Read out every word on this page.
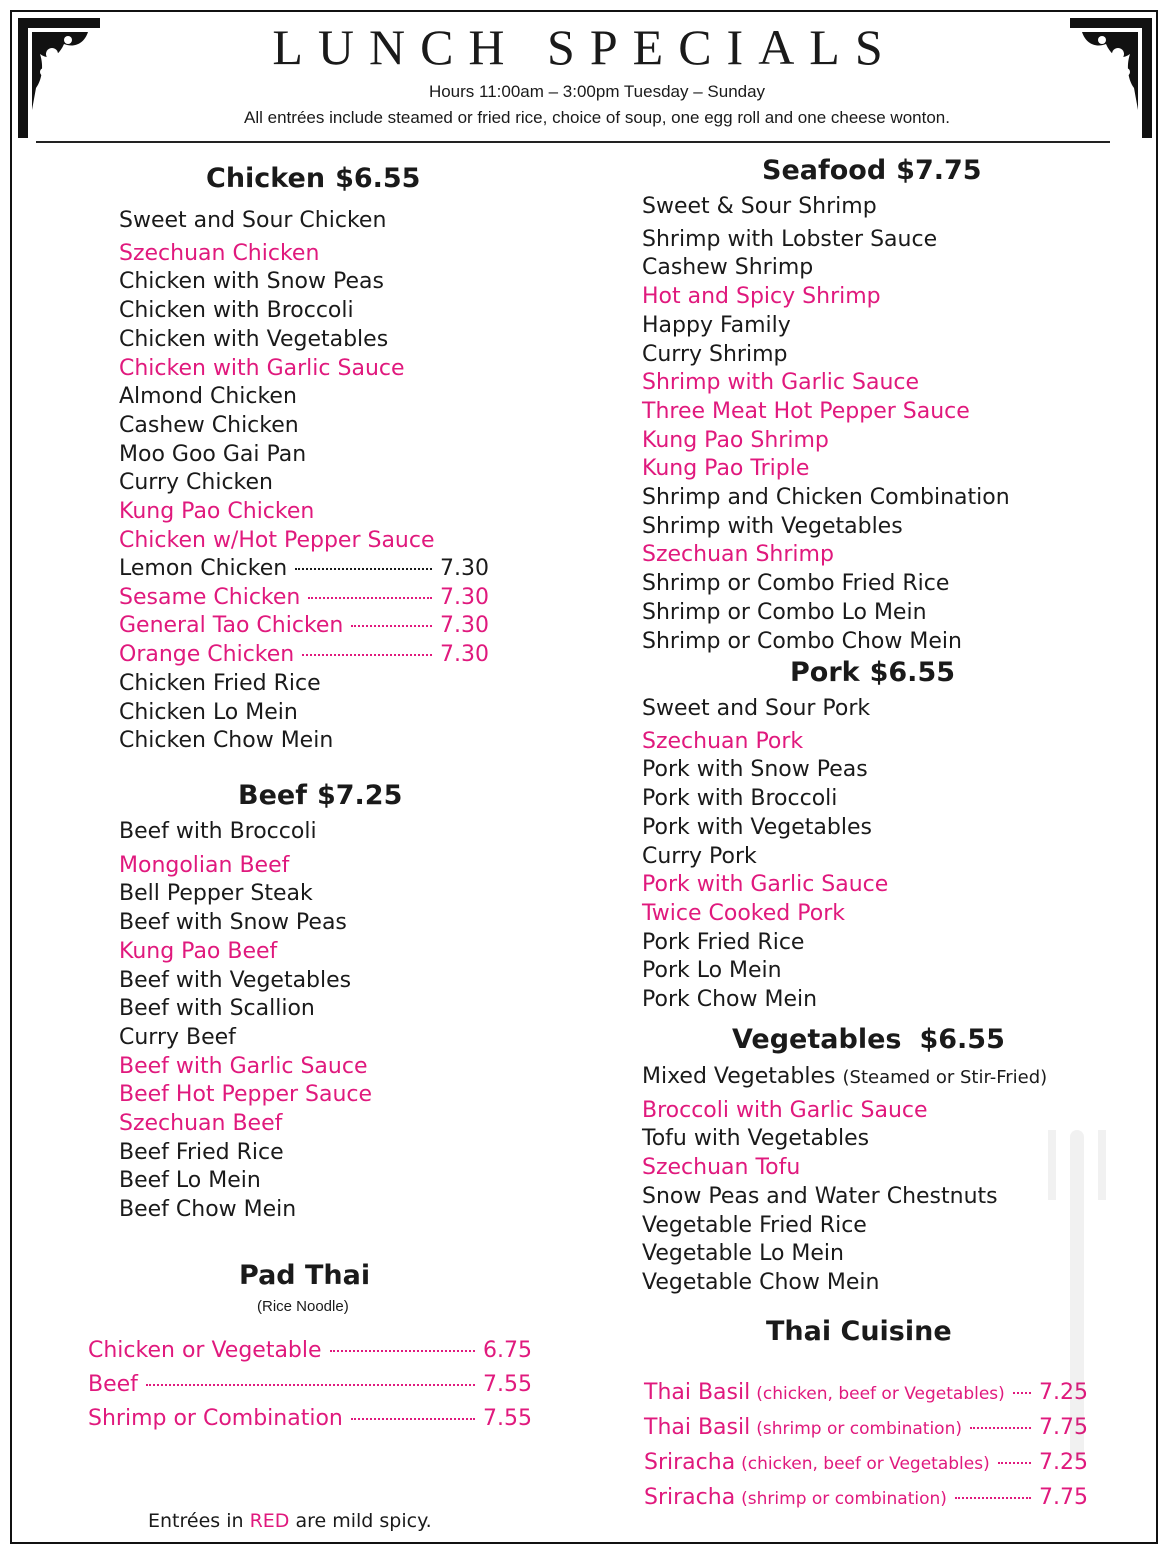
LUNCH SPECIALS
Hours 11:00am – 3:00pm Tuesday – Sunday
All entrées include steamed or fried rice, choice of soup, one egg roll and one cheese wonton.
Chicken $6.55
Sweet and Sour Chicken
Szechuan Chicken
Chicken with Snow Peas
Chicken with Broccoli
Chicken with Vegetables
Chicken with Garlic Sauce
Almond Chicken
Cashew Chicken
Moo Goo Gai Pan
Curry Chicken
Kung Pao Chicken
Chicken w/Hot Pepper Sauce
Lemon Chicken	7.30
Sesame Chicken	7.30
General Tao Chicken	7.30
Orange Chicken	7.30
Chicken Fried Rice
Chicken Lo Mein
Chicken Chow Mein
Beef $7.25
Beef with Broccoli
Mongolian Beef
Bell Pepper Steak
Beef with Snow Peas
Kung Pao Beef
Beef with Vegetables
Beef with Scallion
Curry Beef
Beef with Garlic Sauce
Beef Hot Pepper Sauce
Szechuan Beef
Beef Fried Rice
Beef Lo Mein
Beef Chow Mein
Pad Thai
(Rice Noodle)
Chicken or Vegetable	6.75
Beef	7.55
Shrimp or Combination	7.55
Seafood $7.75
Sweet & Sour Shrimp
Shrimp with Lobster Sauce
Cashew Shrimp
Hot and Spicy Shrimp
Happy Family
Curry Shrimp
Shrimp with Garlic Sauce
Three Meat Hot Pepper Sauce
Kung Pao Shrimp
Kung Pao Triple
Shrimp and Chicken Combination
Shrimp with Vegetables
Szechuan Shrimp
Shrimp or Combo Fried Rice
Shrimp or Combo Lo Mein
Shrimp or Combo Chow Mein
Pork $6.55
Sweet and Sour Pork
Szechuan Pork
Pork with Snow Peas
Pork with Broccoli
Pork with Vegetables
Curry Pork
Pork with Garlic Sauce
Twice Cooked Pork
Pork Fried Rice
Pork Lo Mein
Pork Chow Mein
Vegetables $6.55
Mixed Vegetables (Steamed or Stir-Fried)
Broccoli with Garlic Sauce
Tofu with Vegetables
Szechuan Tofu
Snow Peas and Water Chestnuts
Vegetable Fried Rice
Vegetable Lo Mein
Vegetable Chow Mein
Thai Cuisine
Thai Basil (chicken, beef or Vegetables) 7.25
Thai Basil (shrimp or combination)	7.75
Sriracha (chicken, beef or Vegetables) 7.25
Sriracha (shrimp or combination)	7.75
Entrées in RED are mild spicy.
